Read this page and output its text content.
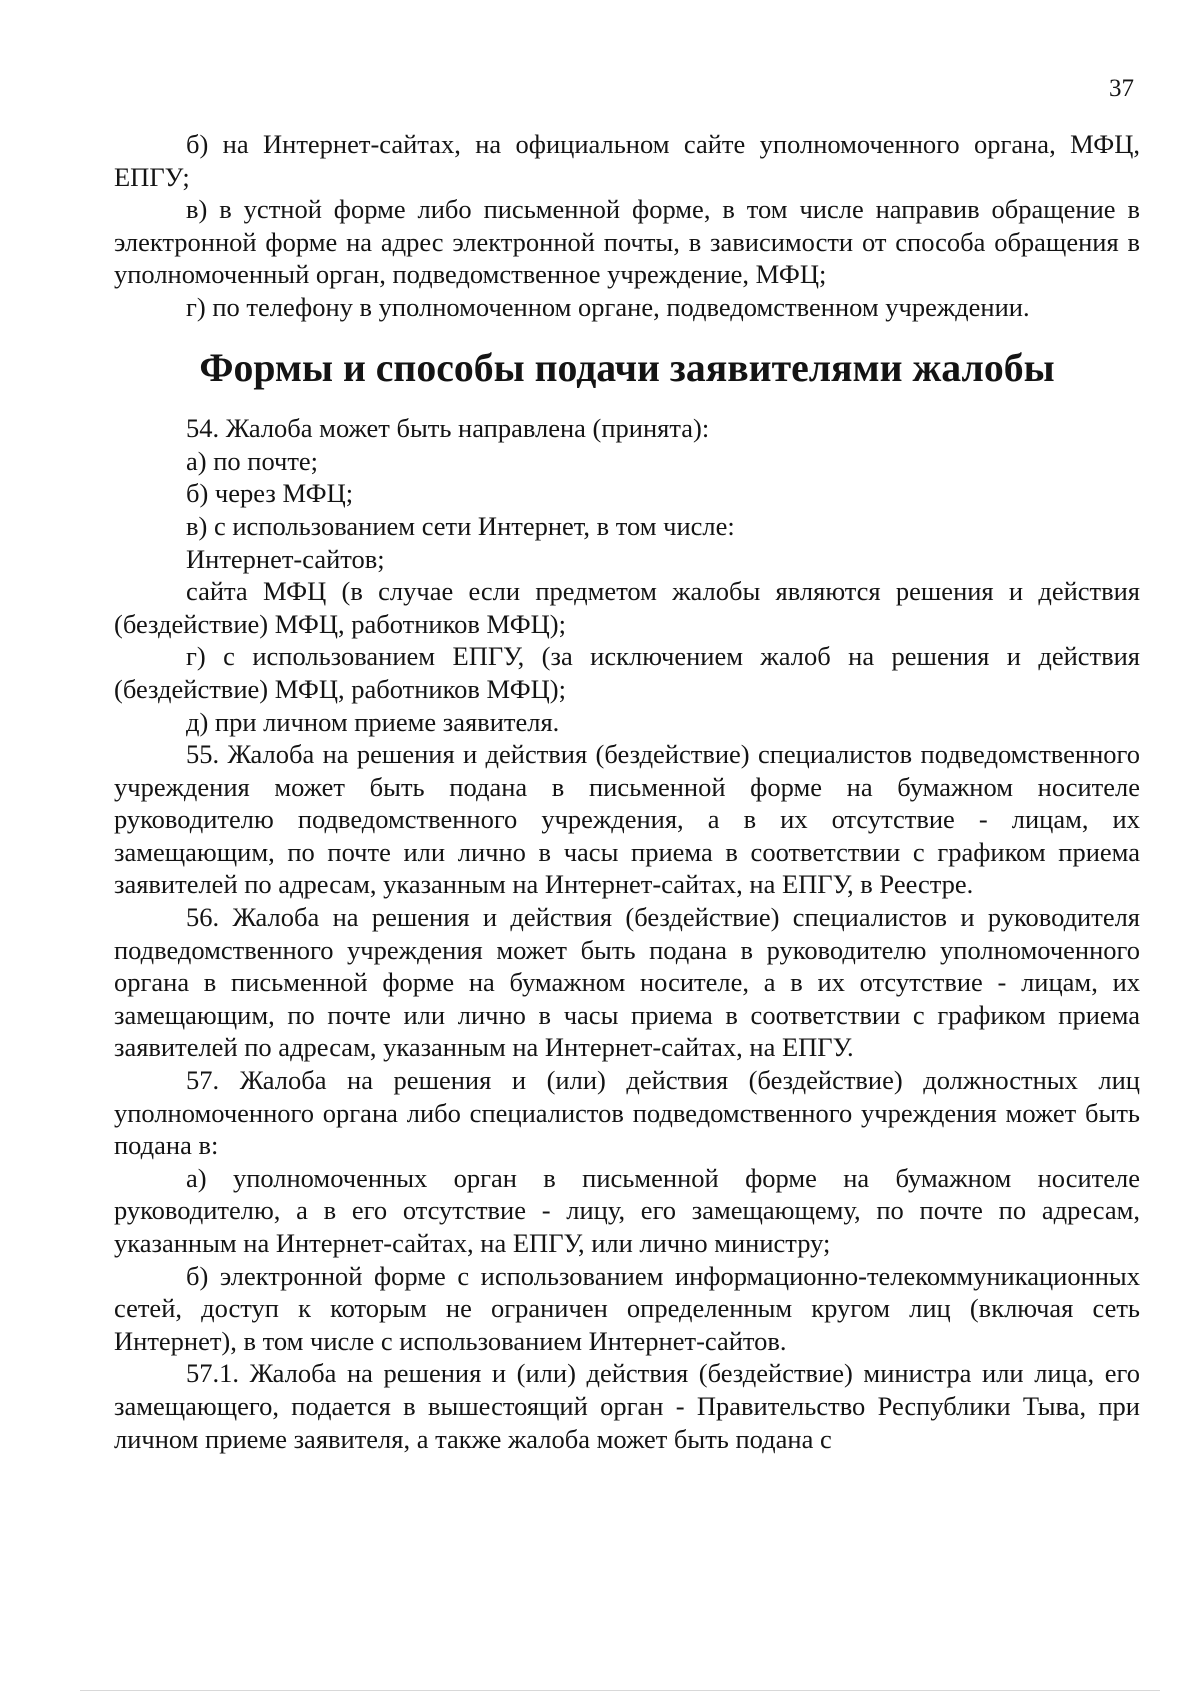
37

б) на Интернет-сайтах, на официальном сайте уполномоченного органа, МФЦ, ЕПГУ;

в) в устной форме либо письменной форме, в том числе направив обращение в электронной форме на адрес электронной почты, в зависимости от способа обращения в уполномоченный орган, подведомственное учреждение, МФЦ;

г) по телефону в уполномоченном органе, подведомственном учреждении.

Формы и способы подачи заявителями жалобы

54. Жалоба может быть направлена (принята):

а) по почте;

б) через МФЦ;

в) с использованием сети Интернет, в том числе:

Интернет-сайтов;

сайта МФЦ (в случае если предметом жалобы являются решения и действия (бездействие) МФЦ, работников МФЦ);

г) с использованием ЕПГУ, (за исключением жалоб на решения и действия (бездействие) МФЦ, работников МФЦ);

д) при личном приеме заявителя.

55. Жалоба на решения и действия (бездействие) специалистов подведомственного учреждения может быть подана в письменной форме на бумажном носителе руководителю подведомственного учреждения, а в их отсутствие - лицам, их замещающим, по почте или лично в часы приема в соответствии с графиком приема заявителей по адресам, указанным на Интернет-сайтах, на ЕПГУ, в Реестре.

56. Жалоба на решения и действия (бездействие) специалистов и руководителя подведомственного учреждения может быть подана в руководителю уполномоченного органа в письменной форме на бумажном носителе, а в их отсутствие - лицам, их замещающим, по почте или лично в часы приема в соответствии с графиком приема заявителей по адресам, указанным на Интернет-сайтах, на ЕПГУ.

57. Жалоба на решения и (или) действия (бездействие) должностных лиц уполномоченного органа либо специалистов подведомственного учреждения может быть подана в:

а) уполномоченных орган в письменной форме на бумажном носителе руководителю, а в его отсутствие - лицу, его замещающему, по почте по адресам, указанным на Интернет-сайтах, на ЕПГУ, или лично министру;

б) электронной форме с использованием информационно-телекоммуникационных сетей, доступ к которым не ограничен определенным кругом лиц (включая сеть Интернет), в том числе с использованием Интернет-сайтов.

57.1. Жалоба на решения и (или) действия (бездействие) министра или лица, его замещающего, подается в вышестоящий орган - Правительство Республики Тыва, при личном приеме заявителя, а также жалоба может быть подана с
